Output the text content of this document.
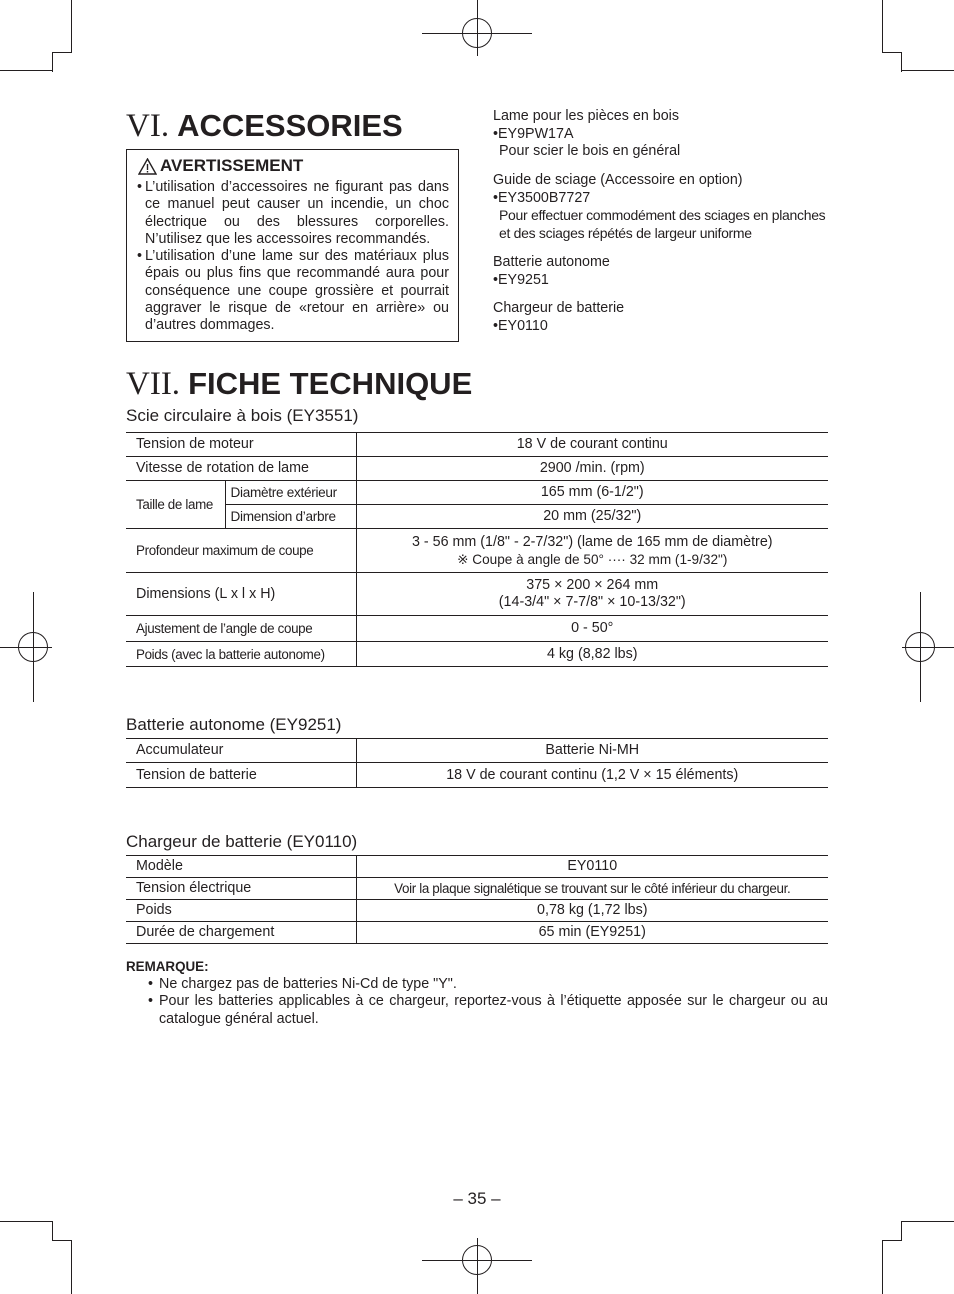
VI. ACCESSORIES
AVERTISSEMENT
• L’utilisation d’accessoires ne figurant pas dans ce manuel peut causer un incendie, un choc électrique ou des blessures corporelles. N’utilisez que les accessoires recommandés.
• L’utilisation d’une lame sur des matériaux plus épais ou plus fins que recommandé aura pour conséquence une coupe grossière et pourrait aggraver le risque de «retour en arrière» ou d’autres dommages.
Lame pour les pièces en bois
•EY9PW17A
Pour scier le bois en général
Guide de sciage (Accessoire en option)
•EY3500B7727
Pour effectuer commodément des sciages en planches et des sciages répétés de largeur uniforme
Batterie autonome
•EY9251
Chargeur de batterie
•EY0110
VII. FICHE TECHNIQUE
Scie circulaire à bois (EY3551)
Tension de moteur		18 V de courant continu
Vitesse de rotation de lame		2900 /min. (rpm)
Taille de lame	Diamètre extérieur	165 mm (6-1/2")
	Dimension d’arbre	20 mm (25/32")
Profondeur maximum de coupe		3 - 56 mm (1/8" - 2-7/32") (lame de 165 mm de diamètre)
※ Coupe à angle de 50° ···· 32 mm (1-9/32")

Dimensions (L x l x H)		375 × 200 × 264 mm
(14-3/4" × 7-7/8" × 10-13/32")

Ajustement de l’angle de coupe		0 - 50°
Poids (avec la batterie autonome)		4 kg (8,82 lbs)
Batterie autonome (EY9251)
Accumulateur	Batterie Ni-MH
Tension de batterie	18 V de courant continu (1,2 V × 15 éléments)
Chargeur de batterie (EY0110)
Modèle	EY0110
Tension électrique	Voir la plaque signalétique se trouvant sur le côté inférieur du chargeur.
Poids	0,78 kg (1,72 lbs)
Durée de chargement	65 min (EY9251)
REMARQUE:
• Ne chargez pas de batteries Ni-Cd de type "Y".
• Pour les batteries applicables à ce chargeur, reportez-vous à l’étiquette apposée sur le chargeur ou au catalogue général actuel.
– 35 –
